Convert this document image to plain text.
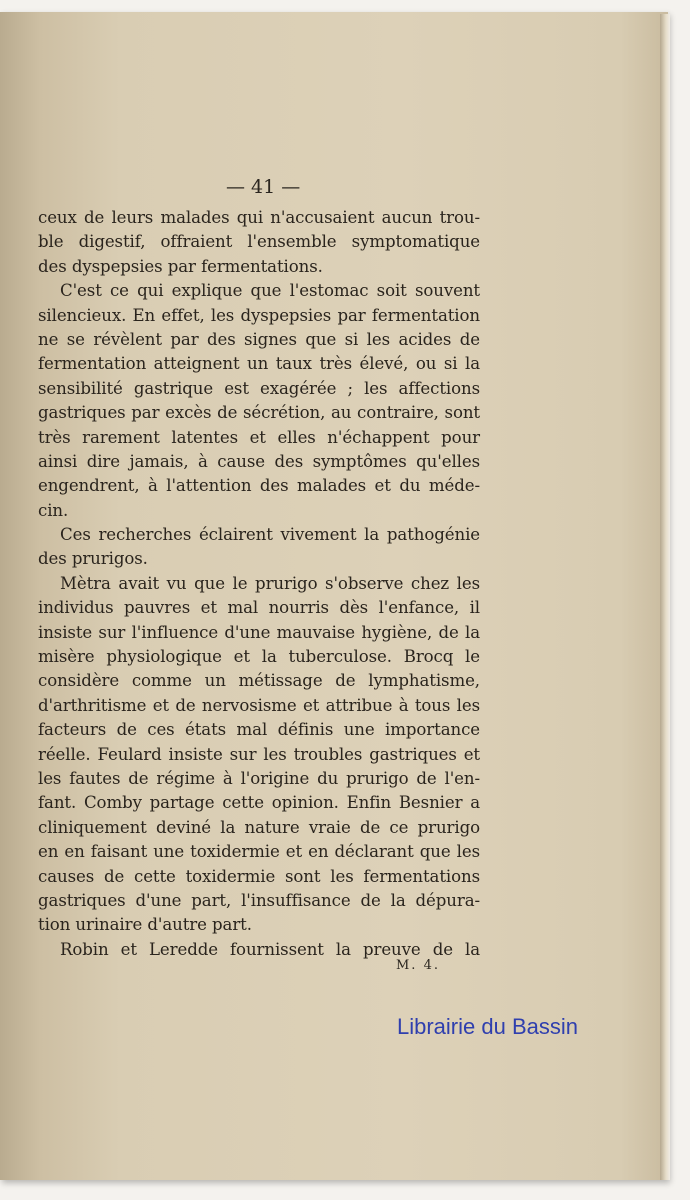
— 41 —
ceux de leurs malades qui n'accusaient aucun trou-
ble digestif, offraient l'ensemble symptomatique
des dyspepsies par fermentations.
C'est ce qui explique que l'estomac soit souvent
silencieux. En effet, les dyspepsies par fermentation
ne se révèlent par des signes que si les acides de
fermentation atteignent un taux très élevé, ou si la
sensibilité gastrique est exagérée ; les affections
gastriques par excès de sécrétion, au contraire, sont
très rarement latentes et elles n'échappent pour
ainsi dire jamais, à cause des symptômes qu'elles
engendrent, à l'attention des malades et du méde-
cin.
Ces recherches éclairent vivement la pathogénie
des prurigos.
Mètra avait vu que le prurigo s'observe chez les
individus pauvres et mal nourris dès l'enfance, il
insiste sur l'influence d'une mauvaise hygiène, de la
misère physiologique et la tuberculose. Brocq le
considère comme un métissage de lymphatisme,
d'arthritisme et de nervosisme et attribue à tous les
facteurs de ces états mal définis une importance
réelle. Feulard insiste sur les troubles gastriques et
les fautes de régime à l'origine du prurigo de l'en-
fant. Comby partage cette opinion. Enfin Besnier a
cliniquement deviné la nature vraie de ce prurigo
en en faisant une toxidermie et en déclarant que les
causes de cette toxidermie sont les fermentations
gastriques d'une part, l'insuffisance de la dépura-
tion urinaire d'autre part.
Robin et Leredde fournissent la preuve de la
M. 4.
Librairie du Bassin
